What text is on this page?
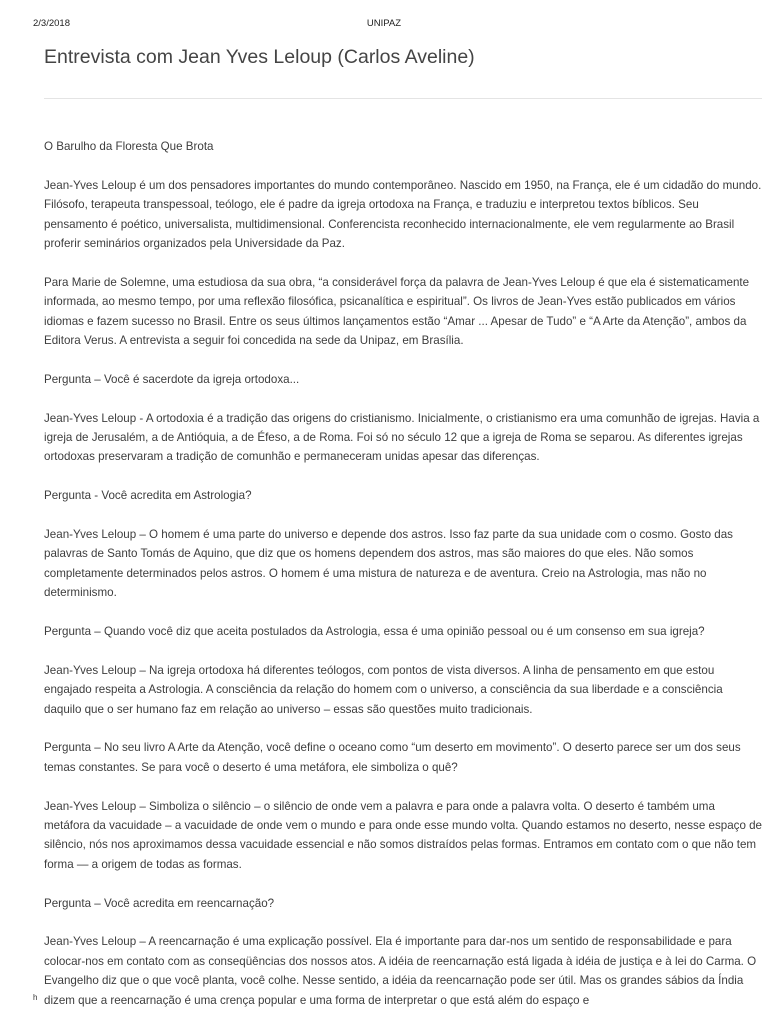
2/3/2018	UNIPAZ
Entrevista com Jean Yves Leloup (Carlos Aveline)

O Barulho da Floresta Que Brota

Jean-Yves Leloup é um dos pensadores importantes do mundo contemporâneo. Nascido em 1950, na França, ele é um cidadão do mundo. Filósofo, terapeuta transpessoal, teólogo, ele é padre da igreja ortodoxa na França, e traduziu e interpretou textos bíblicos. Seu pensamento é poético, universalista, multidimensional. Conferencista reconhecido internacionalmente, ele vem regularmente ao Brasil proferir seminários organizados pela Universidade da Paz.

Para Marie de Solemne, uma estudiosa da sua obra, “a considerável força da palavra de Jean-Yves Leloup é que ela é sistematicamente informada, ao mesmo tempo, por uma reflexão filosófica, psicanalítica e espiritual”. Os livros de Jean-Yves estão publicados em vários idiomas e fazem sucesso no Brasil. Entre os seus últimos lançamentos estão “Amar ... Apesar de Tudo” e “A Arte da Atenção”, ambos da Editora Verus. A entrevista a seguir foi concedida na sede da Unipaz, em Brasília.

Pergunta – Você é sacerdote da igreja ortodoxa...

Jean-Yves Leloup - A ortodoxia é a tradição das origens do cristianismo. Inicialmente, o cristianismo era uma comunhão de igrejas. Havia a igreja de Jerusalém, a de Antióquia, a de Éfeso, a de Roma. Foi só no século 12 que a igreja de Roma se separou. As diferentes igrejas ortodoxas preservaram a tradição de comunhão e permaneceram unidas apesar das diferenças.

Pergunta - Você acredita em Astrologia?

Jean-Yves Leloup – O homem é uma parte do universo e depende dos astros. Isso faz parte da sua unidade com o cosmo. Gosto das palavras de Santo Tomás de Aquino, que diz que os homens dependem dos astros, mas são maiores do que eles. Não somos completamente determinados pelos astros. O homem é uma mistura de natureza e de aventura. Creio na Astrologia, mas não no determinismo.

Pergunta – Quando você diz que aceita postulados da Astrologia, essa é uma opinião pessoal ou é um consenso em sua igreja?

Jean-Yves Leloup – Na igreja ortodoxa há diferentes teólogos, com pontos de vista diversos. A linha de pensamento em que estou engajado respeita a Astrologia. A consciência da relação do homem com o universo, a consciência da sua liberdade e a consciência daquilo que o ser humano faz em relação ao universo – essas são questões muito tradicionais.

Pergunta – No seu livro A Arte da Atenção, você define o oceano como “um deserto em movimento”. O deserto parece ser um dos seus temas constantes. Se para você o deserto é uma metáfora, ele simboliza o quê?

Jean-Yves Leloup – Simboliza o silêncio – o silêncio de onde vem a palavra e para onde a palavra volta. O deserto é também uma metáfora da vacuidade – a vacuidade de onde vem o mundo e para onde esse mundo volta. Quando estamos no deserto, nesse espaço de silêncio, nós nos aproximamos dessa vacuidade essencial e não somos distraídos pelas formas. Entramos em contato com o que não tem forma — a origem de todas as formas.

Pergunta – Você acredita em reencarnação?

Jean-Yves Leloup – A reencarnação é uma explicação possível. Ela é importante para dar-nos um sentido de responsabilidade e para colocar-nos em contato com as conseqüências dos nossos atos. A idéia de reencarnação está ligada à idéia de justiça e à lei do Carma. O Evangelho diz que o que você planta, você colhe. Nesse sentido, a idéia da reencarnação pode ser útil. Mas os grandes sábios da Índia dizem que a reencarnação é uma crença popular e uma forma de interpretar o que está além do espaço e

h
